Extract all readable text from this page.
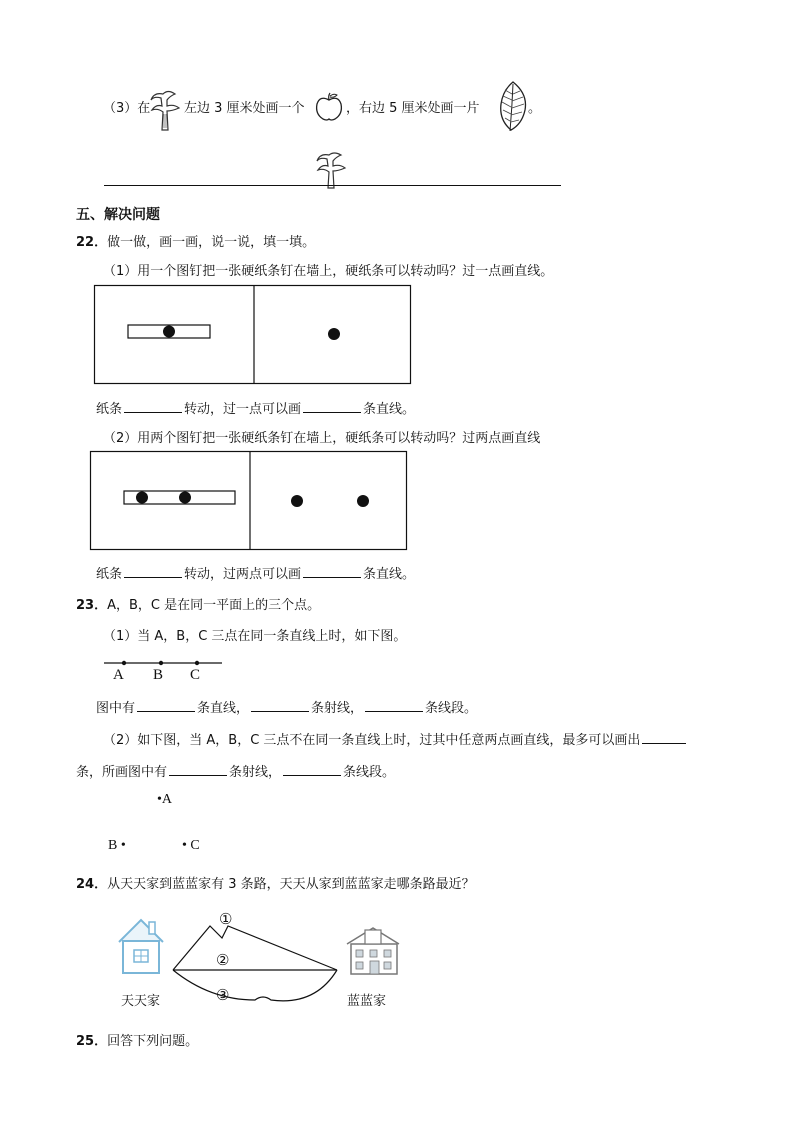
（3）在	左边 3 厘米处画一个	，右边 5 厘米处画一片	。
五、解决问题
22．做一做，画一画，说一说，填一填。
（1）用一个图钉把一张硬纸条钉在墙上，硬纸条可以转动吗？过一点画直线。
纸条	转动，过一点可以画	条直线。
（2）用两个图钉把一张硬纸条钉在墙上，硬纸条可以转动吗？过两点画直线
纸条	转动，过两点可以画	条直线。
23．A，B，C 是在同一平面上的三个点。
（1）当 A，B，C 三点在同一条直线上时，如下图。
A B C
图中有	条直线，	条射线，	条线段。
（2）如下图，当 A，B，C 三点不在同一条直线上时，过其中任意两点画直线，最多可以画出
条，所画图中有	条射线，	条线段。
•A
B •	• C
24．从天天家到蓝蓝家有 3 条路，天天从家到蓝蓝家走哪条路最近？
①
②
③
天天家	蓝蓝家
25．回答下列问题。
